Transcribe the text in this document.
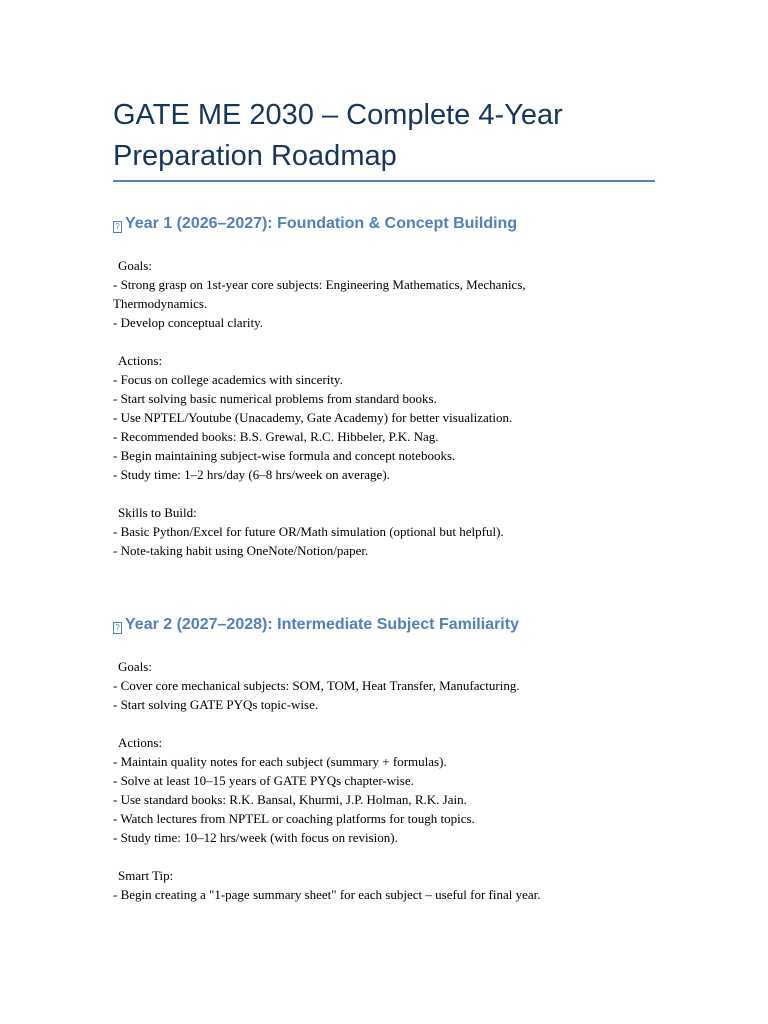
GATE ME 2030 – Complete 4-Year
Preparation Roadmap
? Year 1 (2026–2027): Foundation & Concept Building
Goals:
- Strong grasp on 1st-year core subjects: Engineering Mathematics, Mechanics,
Thermodynamics.
- Develop conceptual clarity.
Actions:
- Focus on college academics with sincerity.
- Start solving basic numerical problems from standard books.
- Use NPTEL/Youtube (Unacademy, Gate Academy) for better visualization.
- Recommended books: B.S. Grewal, R.C. Hibbeler, P.K. Nag.
- Begin maintaining subject-wise formula and concept notebooks.
- Study time: 1–2 hrs/day (6–8 hrs/week on average).
Skills to Build:
- Basic Python/Excel for future OR/Math simulation (optional but helpful).
- Note-taking habit using OneNote/Notion/paper.
? Year 2 (2027–2028): Intermediate Subject Familiarity
Goals:
- Cover core mechanical subjects: SOM, TOM, Heat Transfer, Manufacturing.
- Start solving GATE PYQs topic-wise.
Actions:
- Maintain quality notes for each subject (summary + formulas).
- Solve at least 10–15 years of GATE PYQs chapter-wise.
- Use standard books: R.K. Bansal, Khurmi, J.P. Holman, R.K. Jain.
- Watch lectures from NPTEL or coaching platforms for tough topics.
- Study time: 10–12 hrs/week (with focus on revision).
Smart Tip:
- Begin creating a "1-page summary sheet" for each subject – useful for final year.
